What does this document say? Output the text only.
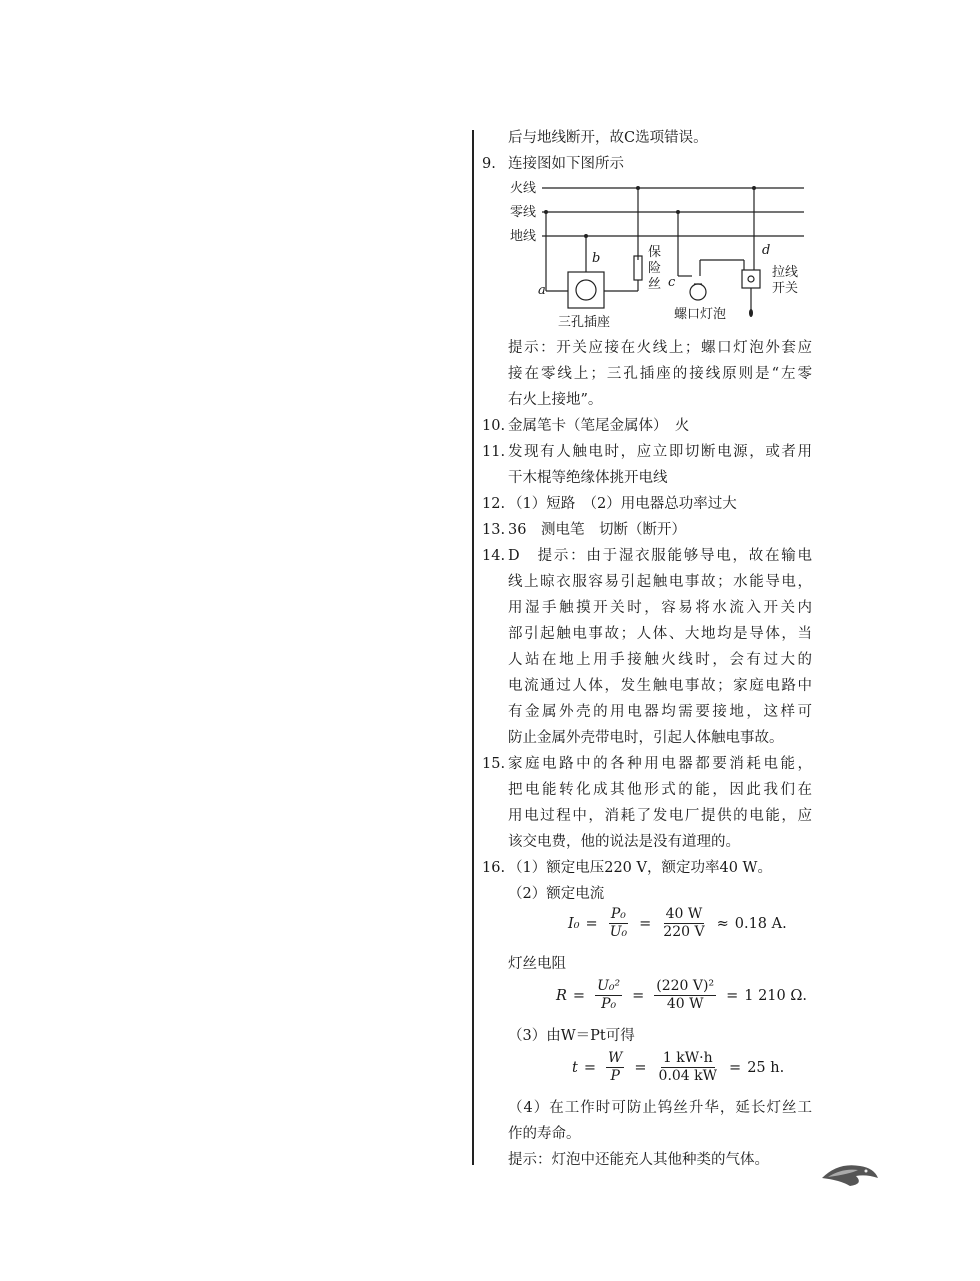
后与地线断开，故C选项错误。
9. 连接图如下图所示
火线
零线
地线
保
险
丝
拉线
开关
三孔插座
螺口灯泡
a
b
c
d
提示：开关应接在火线上；螺口灯泡外套应
接在零线上；三孔插座的接线原则是“左零
右火上接地”。
10. 金属笔卡（笔尾金属体）　火
11. 发现有人触电时，应立即切断电源，或者用
干木棍等绝缘体挑开电线
12. （1）短路　（2）用电器总功率过大
13. 36　测电笔　切断（断开）
14. D　提示：由于湿衣服能够导电，故在输电
线上晾衣服容易引起触电事故；水能导电，
用湿手触摸开关时，容易将水流入开关内
部引起触电事故；人体、大地均是导体，当
人站在地上用手接触火线时，会有过大的
电流通过人体，发生触电事故；家庭电路中
有金属外壳的用电器均需要接地，这样可
防止金属外壳带电时，引起人体触电事故。
15. 家庭电路中的各种用电器都要消耗电能，
把电能转化成其他形式的能，因此我们在
用电过程中，消耗了发电厂提供的电能，应
该交电费，他的说法是没有道理的。
16. （1）额定电压220 V，额定功率40 W。
（2）额定电流
$I_0 = \frac{\text{P₀}}{\text{U₀}} = \frac{40 W}{220 V} \approx 0.18$ A.
灯丝电阻
$R = \frac{\text{U₀²}}{\text{P₀}} = \frac{\text{(220 V)²}}{40 W} = 1$ 210 Ω.
（3）由W＝Pt可得
$t = \frac{W}{P} = \frac{1 kW\cdot h}{0.04 kW} = 25$ h.
（4）在工作时可防止钨丝升华，延长灯丝工
作的寿命。
提示：灯泡中还能充人其他种类的气体。
